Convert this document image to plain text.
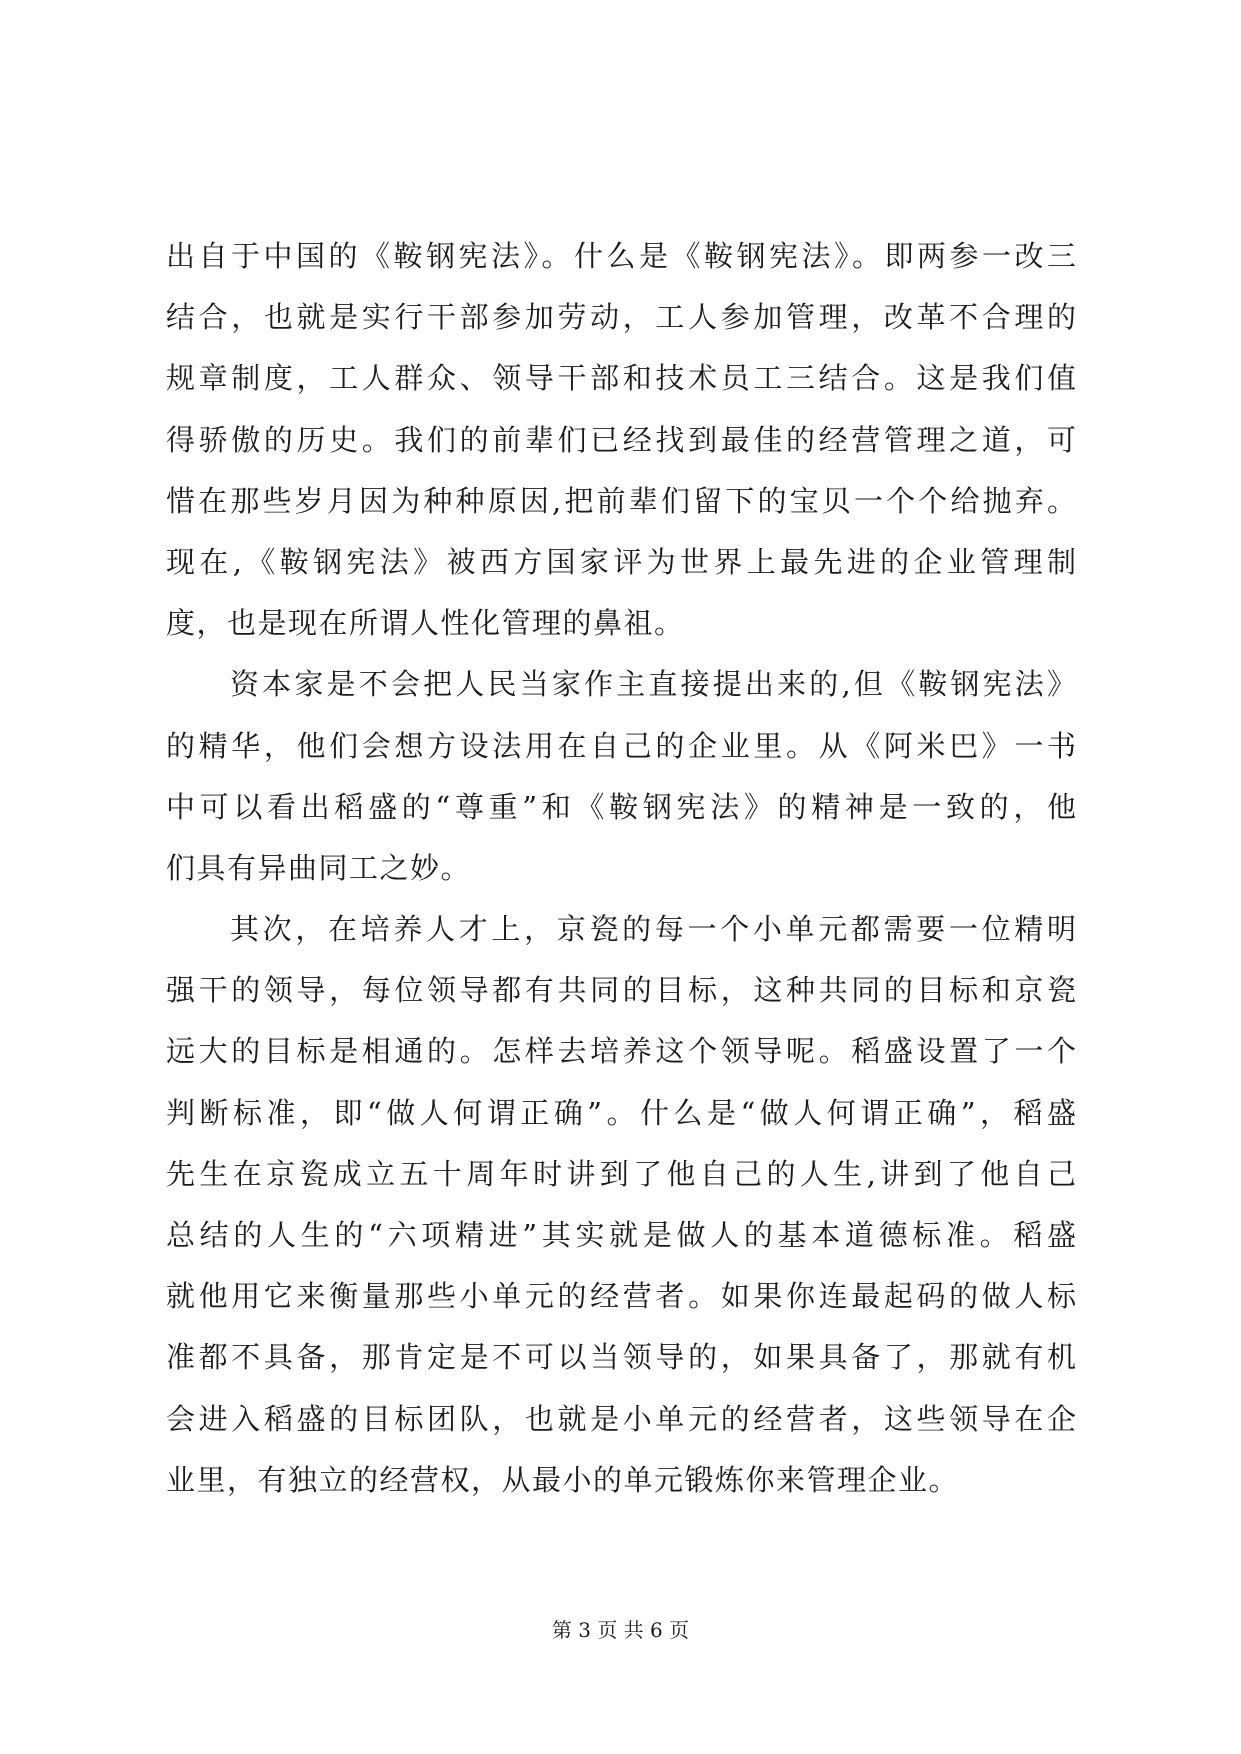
出自于中国的《鞍钢宪法》。什么是《鞍钢宪法》。即两参一改三
结合，也就是实行干部参加劳动，工人参加管理，改革不合理的
规章制度，工人群众、领导干部和技术员工三结合。这是我们值
得骄傲的历史。我们的前辈们已经找到最佳的经营管理之道，可
惜在那些岁月因为种种原因,把前辈们留下的宝贝一个个给抛弃。
现在,《鞍钢宪法》被西方国家评为世界上最先进的企业管理制
度，也是现在所谓人性化管理的鼻祖。
资本家是不会把人民当家作主直接提出来的,但《鞍钢宪法》
的精华，他们会想方设法用在自己的企业里。从《阿米巴》一书
中可以看出稻盛的“尊重”和《鞍钢宪法》的精神是一致的，他
们具有异曲同工之妙。
其次，在培养人才上，京瓷的每一个小单元都需要一位精明
强干的领导，每位领导都有共同的目标，这种共同的目标和京瓷
远大的目标是相通的。怎样去培养这个领导呢。稻盛设置了一个
判断标准，即“做人何谓正确”。什么是“做人何谓正确”，稻盛
先生在京瓷成立五十周年时讲到了他自己的人生,讲到了他自己
总结的人生的“六项精进”其实就是做人的基本道德标准。稻盛
就他用它来衡量那些小单元的经营者。如果你连最起码的做人标
准都不具备，那肯定是不可以当领导的，如果具备了，那就有机
会进入稻盛的目标团队，也就是小单元的经营者，这些领导在企
业里，有独立的经营权，从最小的单元锻炼你来管理企业。
第 3 页 共 6 页
